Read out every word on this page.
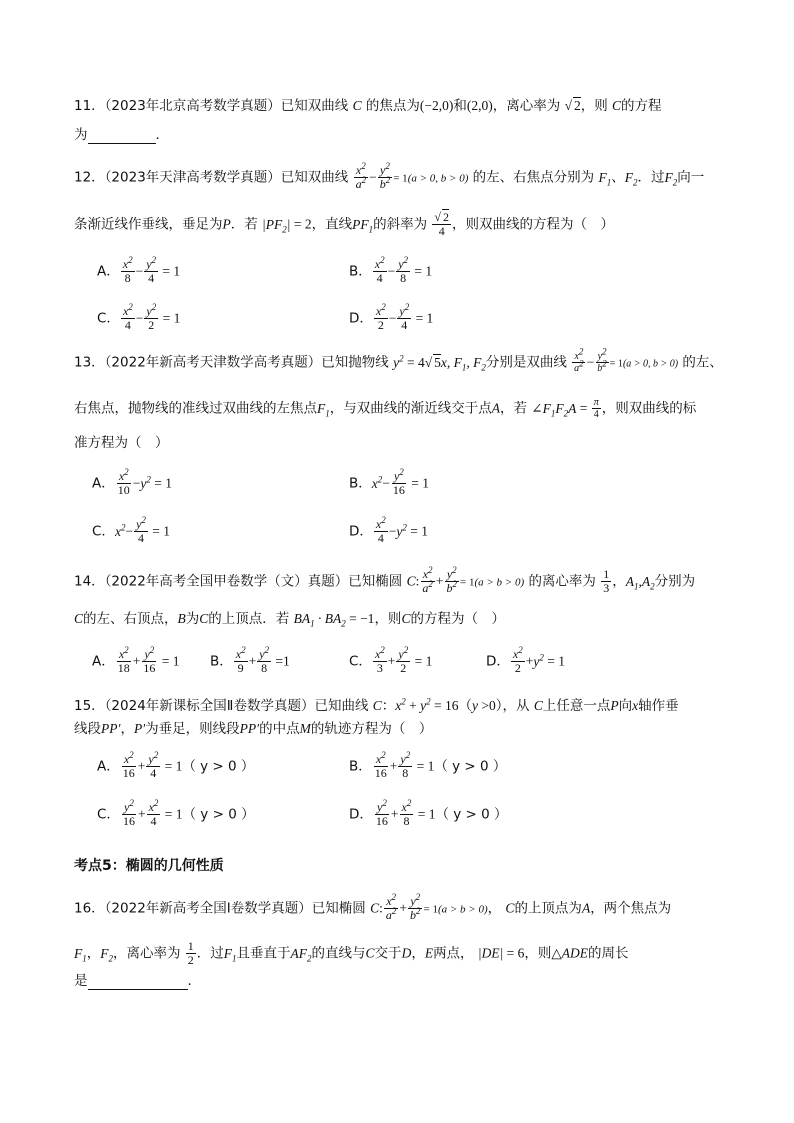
11．（2023年北京高考数学真题）已知双曲线 C 的焦点为(−2,0)和(2,0)，离心率为 √ 2，则 C的方程
为	．
12．（2023年天津高考数学真题）已知双曲线 $\frac{x^2}{a^2} - \frac{y^2}{b^2} = 1(a > 0$, b > 0) 的左、右焦点分别为 $F_1$、$F_2$．过$F_2$向一
条渐近线作垂线，垂足为P．若 $|PF_2| = 2$，直线$PF_1$的斜率为 $\frac{√ 2}{4}$ ，则双曲线的方程为（　）
A． $\frac{x^2}{8} - \frac{y^2}{4} = 1$	B． $\frac{x^2}{4} - \frac{y^2}{8} = 1$
C． $\frac{x^2}{4} - \frac{y^2}{2} = 1$	D． $\frac{x^2}{2} - \frac{y^2}{4} = 1$
13．（2022年新高考天津数学高考真题）已知抛物线 $y^2 = 4√$ 5x, $F_1$, $F_2$分别是双曲线 $\frac{x^2}{a^2} - \frac{y^2}{b^2} = 1(a > 0$, b > 0) 的左、
右焦点，抛物线的准线过双曲线的左焦点$F_1$，与双曲线的渐近线交于点A，若 $\angle F_1F_2A = \frac{\pi}{4}$ ，则双曲线的标
准方程为（　）
A． $\frac{x^2}{10} -y^2 = 1$	B．$x^2- \frac{y^2}{16} = 1$
C．$x^2- \frac{y^2}{4} = 1$	D． $\frac{x^2}{4} -y^2 = 1$
14．（2022年高考全国甲卷数学（文）真题）已知椭圆 C: $\frac{x^2}{a^2} + \frac{y^2}{b^2} = 1(a > b > 0)$ 的离心率为 $\frac{1}{3}$ ，$A_1,A_2$分别为
C的左、右顶点，B为C的上顶点．若 $BA_1 \cdot BA_2 = -1$，则C的方程为（　）
A． $\frac{x^2}{18} + \frac{y^2}{16} = 1$ B． $\frac{x^2}{9} + \frac{y^2}{8} =1$	C． $\frac{x^2}{3} + \frac{y^2}{2} = 1$	D． $\frac{x^2}{2} +y^2 = 1$
15．（2024年新课标全国Ⅱ卷数学真题）已知曲线 C：$x^2 + y^2 = 16(y >0)$，从 C上任意一点P向x轴作垂
线段PP′，P′为垂足，则线段PP′的中点M的轨迹方程为（　）
A． $\frac{x^2}{16} + \frac{y^2}{4} = 1$（ y > 0 ）	B． $\frac{x^2}{16} + \frac{y^2}{8} = 1$（ y > 0 ）
C． $\frac{y^2}{16} + \frac{x^2}{4} = 1$（ y > 0 ）	D． $\frac{y^2}{16} + \frac{x^2}{8} = 1$（ y > 0 ）
考点5：椭圆的几何性质
16．（2022年新高考全国I卷数学真题）已知椭圆 C: $\frac{x^2}{a^2} + \frac{y^2}{b^2} = 1(a > b > 0)$， C的上顶点为A，两个焦点为
$F_1$，$F_2$，离心率为 $\frac{1}{2}$ ．过$F_1$且垂直于$AF_2$的直线与C交于D，E两点， |DE| = 6，则△ADE的周长
是	．
